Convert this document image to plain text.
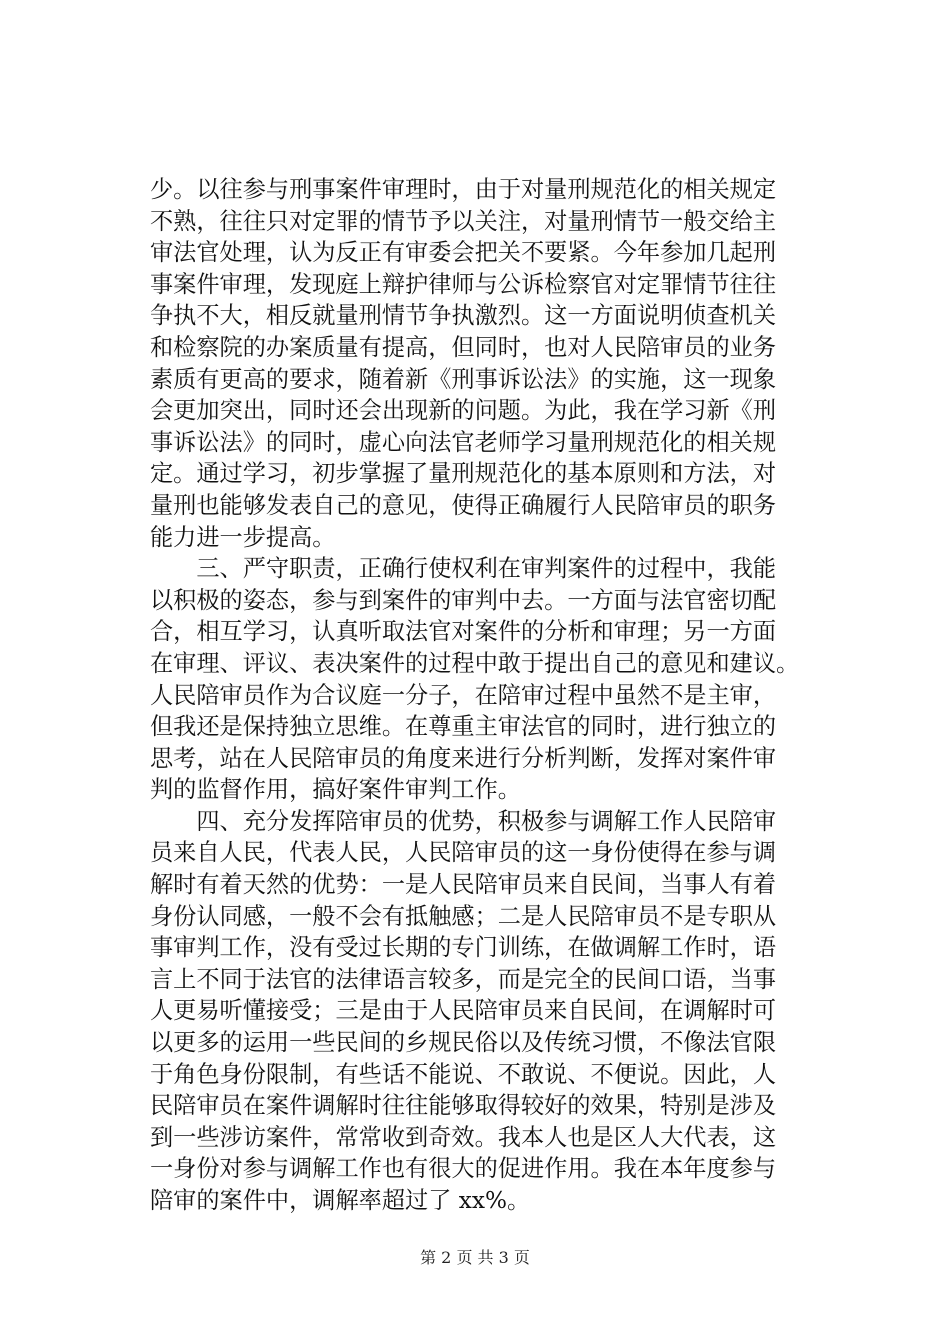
少。以往参与刑事案件审理时，由于对量刑规范化的相关规定
不熟，往往只对定罪的情节予以关注，对量刑情节一般交给主
审法官处理，认为反正有审委会把关不要紧。今年参加几起刑
事案件审理，发现庭上辩护律师与公诉检察官对定罪情节往往
争执不大，相反就量刑情节争执激烈。这一方面说明侦查机关
和检察院的办案质量有提高，但同时，也对人民陪审员的业务
素质有更高的要求，随着新《刑事诉讼法》的实施，这一现象
会更加突出，同时还会出现新的问题。为此，我在学习新《刑
事诉讼法》的同时，虚心向法官老师学习量刑规范化的相关规
定。通过学习，初步掌握了量刑规范化的基本原则和方法，对
量刑也能够发表自己的意见，使得正确履行人民陪审员的职务
能力进一步提高。
　　三、严守职责，正确行使权利在审判案件的过程中，我能
以积极的姿态，参与到案件的审判中去。一方面与法官密切配
合，相互学习，认真听取法官对案件的分析和审理；另一方面
在审理、评议、表决案件的过程中敢于提出自己的意见和建议。
人民陪审员作为合议庭一分子，在陪审过程中虽然不是主审，
但我还是保持独立思维。在尊重主审法官的同时，进行独立的
思考，站在人民陪审员的角度来进行分析判断，发挥对案件审
判的监督作用，搞好案件审判工作。
　　四、充分发挥陪审员的优势，积极参与调解工作人民陪审
员来自人民，代表人民，人民陪审员的这一身份使得在参与调
解时有着天然的优势：一是人民陪审员来自民间，当事人有着
身份认同感，一般不会有抵触感；二是人民陪审员不是专职从
事审判工作，没有受过长期的专门训练，在做调解工作时，语
言上不同于法官的法律语言较多，而是完全的民间口语，当事
人更易听懂接受；三是由于人民陪审员来自民间，在调解时可
以更多的运用一些民间的乡规民俗以及传统习惯，不像法官限
于角色身份限制，有些话不能说、不敢说、不便说。因此，人
民陪审员在案件调解时往往能够取得较好的效果，特别是涉及
到一些涉访案件，常常收到奇效。我本人也是区人大代表，这
一身份对参与调解工作也有很大的促进作用。我在本年度参与
陪审的案件中，调解率超过了 xx%。
第 2 页 共 3 页
